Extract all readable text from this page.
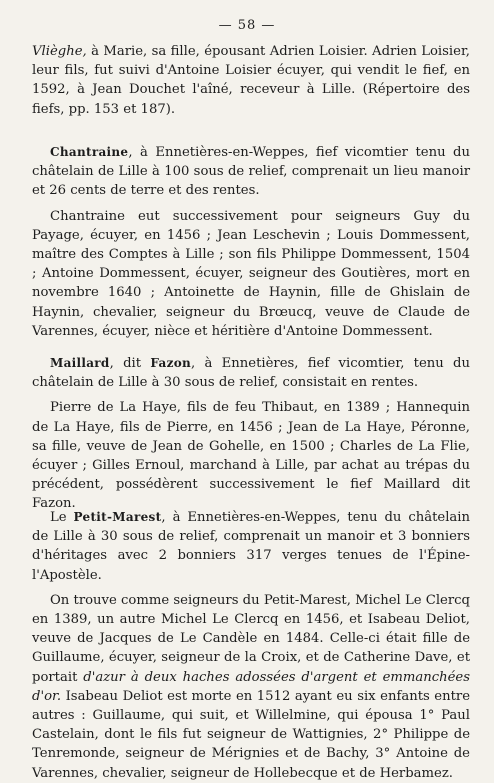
— 58 —

Vlièghe, à Marie, sa fille, épousant Adrien Loisier. Adrien Loisier, leur fils, fut suivi d'Antoine Loisier écuyer, qui vendit le fief, en 1592, à Jean Douchet l'aîné, receveur à Lille. (Répertoire des fiefs, pp. 153 et 187).

Chantraine, à Ennetières-en-Weppes, fief vicomtier tenu du châtelain de Lille à 100 sous de relief, comprenait un lieu manoir et 26 cents de terre et des rentes.

Chantraine eut successivement pour seigneurs Guy du Payage, écuyer, en 1456 ; Jean Leschevin ; Louis Dommessent, maître des Comptes à Lille ; son fils Philippe Dommessent, 1504 ; Antoine Dommessent, écuyer, seigneur des Goutières, mort en novembre 1640 ; Antoinette de Haynin, fille de Ghislain de Haynin, chevalier, seigneur du Brœucq, veuve de Claude de Varennes, écuyer, nièce et héritière d'Antoine Dommessent.

Maillard, dit Fazon, à Ennetières, fief vicomtier, tenu du châtelain de Lille à 30 sous de relief, consistait en rentes.

Pierre de La Haye, fils de feu Thibaut, en 1389 ; Hannequin de La Haye, fils de Pierre, en 1456 ; Jean de La Haye, Péronne, sa fille, veuve de Jean de Gohelle, en 1500 ; Charles de La Flie, écuyer ; Gilles Ernoul, marchand à Lille, par achat au trépas du précédent, possédèrent successivement le fief Maillard dit Fazon.

Le Petit-Marest, à Ennetières-en-Weppes, tenu du châtelain de Lille à 30 sous de relief, comprenait un manoir et 3 bonniers d'héritages avec 2 bonniers 317 verges tenues de l'Épine-l'Apostèle.

On trouve comme seigneurs du Petit-Marest, Michel Le Clercq en 1389, un autre Michel Le Clercq en 1456, et Isabeau Deliot, veuve de Jacques de Le Candèle en 1484. Celle-ci était fille de Guillaume, écuyer, seigneur de la Croix, et de Catherine Dave, et portait d'azur à deux haches adossées d'argent et emmanchées d'or. Isabeau Deliot est morte en 1512 ayant eu six enfants entre autres : Guillaume, qui suit, et Willelmine, qui épousa 1° Paul Castelain, dont le fils fut seigneur de Wattignies, 2° Philippe de Tenremonde, seigneur de Mérignies et de Bachy, 3° Antoine de Varennes, chevalier, seigneur de Hollebecque et de Herbamez.
